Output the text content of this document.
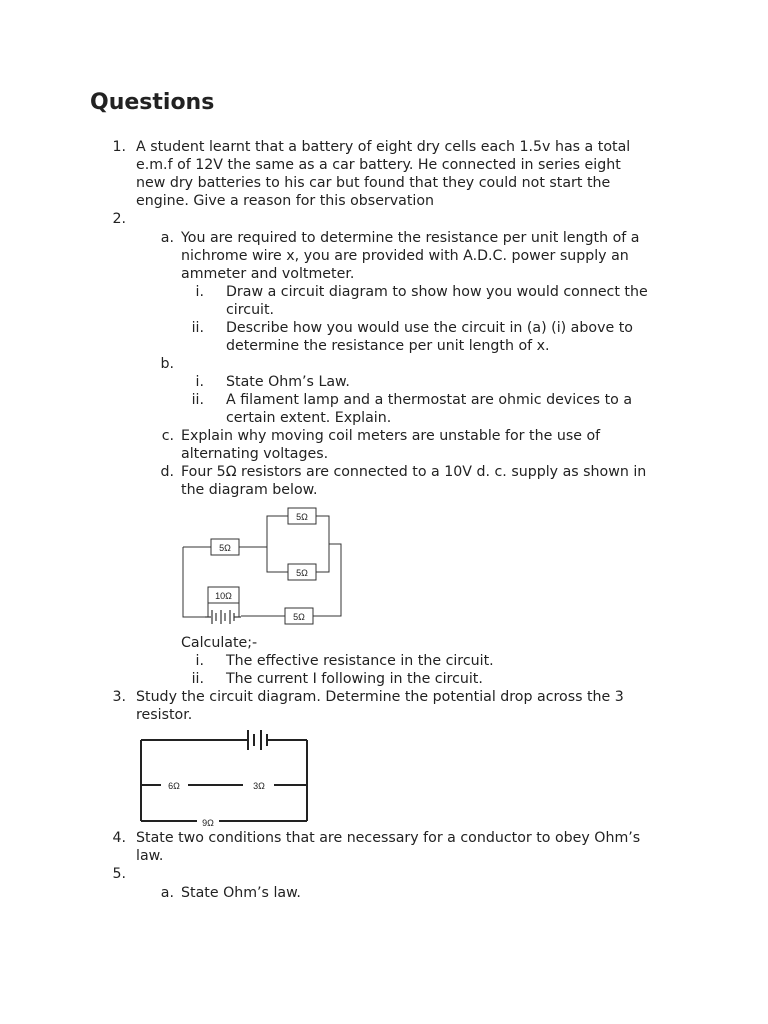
Questions
1. A student learnt that a battery of eight dry cells each 1.5v has a total
e.m.f of 12V the same as a car battery. He connected in series eight
new dry batteries to his car but found that they could not start the
engine. Give a reason for this observation
2.
a. You are required to determine the resistance per unit length of a
nichrome wire x, you are provided with A.D.C. power supply an
ammeter and voltmeter.
i. Draw a circuit diagram to show how you would connect the
circuit.
ii. Describe how you would use the circuit in (a) (i) above to
determine the resistance per unit length of x.
b.
i. State Ohm’s Law.
ii. A filament lamp and a thermostat are ohmic devices to a
certain extent. Explain.
c. Explain why moving coil meters are unstable for the use of
alternating voltages.
d. Four 5Ω resistors are connected to a 10V d. c. supply as shown in
the diagram below.
5Ω
5Ω
5Ω
10Ω
5Ω
Calculate;-
i. The effective resistance in the circuit.
ii. The current I following in the circuit.
3. Study the circuit diagram. Determine the potential drop across the 3
resistor.
6Ω	3Ω
9Ω
4. State two conditions that are necessary for a conductor to obey Ohm’s
law.
5.
a. State Ohm’s law.
